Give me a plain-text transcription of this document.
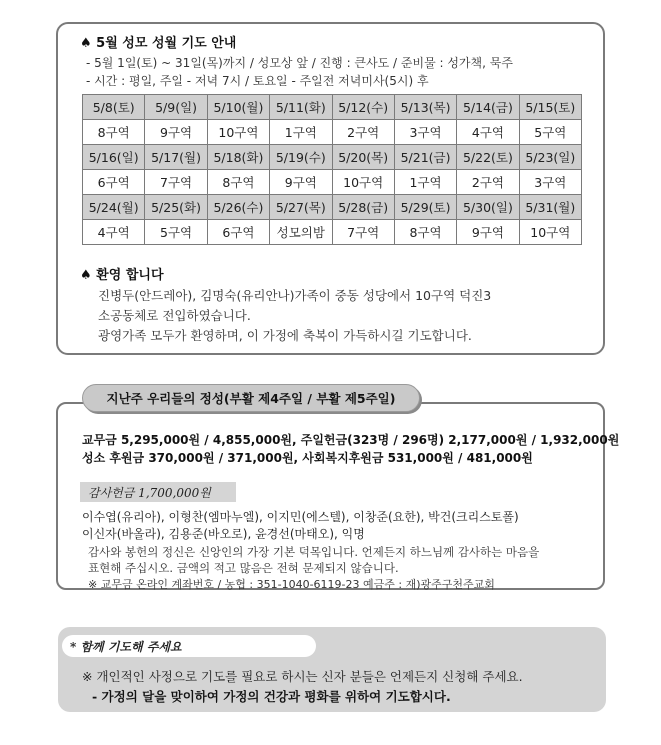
♠ 5월 성모 성월 기도 안내
- 5월 1일(토) ~ 31일(목)까지 / 성모상 앞 / 진행 : 큰사도 / 준비물 : 성가책, 묵주
- 시간 : 평일, 주일 - 저녁 7시 / 토요일 - 주일전 저녁미사(5시) 후
5/8(토)	5/9(일)	5/10(월)	5/11(화)	5/12(수)	5/13(목)	5/14(금)	5/15(토)
8구역	9구역	10구역	1구역	2구역	3구역	4구역	5구역
5/16(일)	5/17(월)	5/18(화)	5/19(수)	5/20(목)	5/21(금)	5/22(토)	5/23(일)
6구역	7구역	8구역	9구역	10구역	1구역	2구역	3구역
5/24(월)	5/25(화)	5/26(수)	5/27(목)	5/28(금)	5/29(토)	5/30(일)	5/31(월)
4구역	5구역	6구역	성모의밤	7구역	8구역	9구역	10구역
♠ 환영 합니다
진병두(안드레아), 김명숙(유리안나)가족이 중동 성당에서 10구역 덕진3
소공동체로 전입하였습니다.
광영가족 모두가 환영하며, 이 가정에 축복이 가득하시길 기도합니다.
교무금 5,295,000원 / 4,855,000원, 주일헌금(323명 / 296명) 2,177,000원 / 1,932,000원
성소 후원금 370,000원 / 371,000원, 사회복지후원금 531,000원 / 481,000원
감사헌금 1,700,000원
이수엽(유리아), 이형찬(엠마누엘), 이지민(에스텔), 이창준(요한), 박건(크리스토폴)
이신자(바올라), 김용준(바오로), 윤경선(마태오), 익명
감사와 봉헌의 정신은 신앙인의 가장 기본 덕목입니다. 언제든지 하느님께 감사하는 마음을
표현해 주십시오. 금액의 적고 많음은 전혀 문제되지 않습니다.
※ 교무금 온라인 계좌번호 / 농협 : 351-1040-6119-23 예금주 : 재)광주구천주교회
지난주 우리들의 정성(부활 제4주일 / 부활 제5주일)
* 함께 기도해 주세요
※ 개인적인 사정으로 기도를 필요로 하시는 신자 분들은 언제든지 신청해 주세요.
- 가정의 달을 맞이하여 가정의 건강과 평화를 위하여 기도합시다.
